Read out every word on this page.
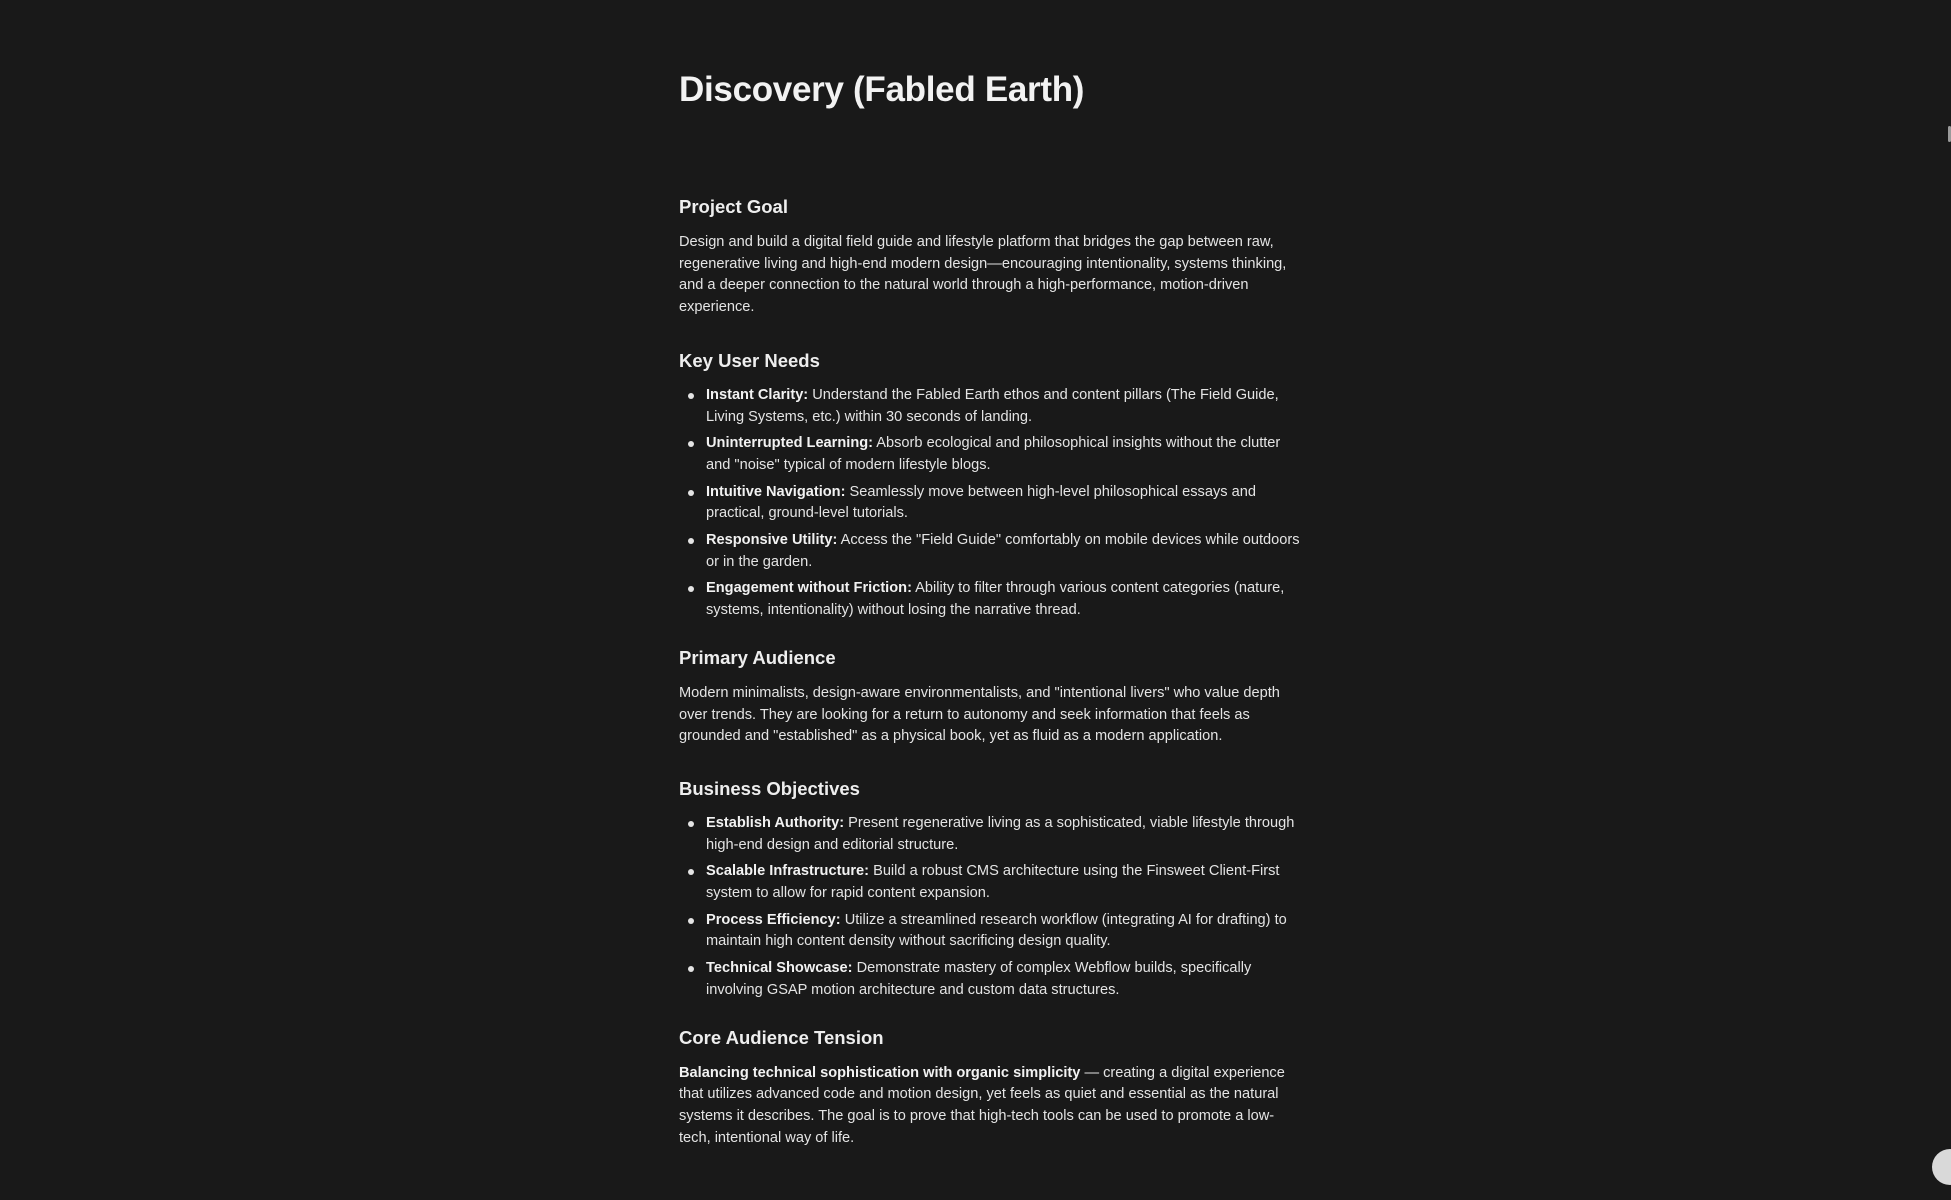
Discovery (Fabled Earth)
Project Goal

Design and build a digital field guide and lifestyle platform that bridges the gap between raw, regenerative living and high-end modern design—encouraging intentionality, systems thinking, and a deeper connection to the natural world through a high-performance, motion-driven experience.

Key User Needs
Instant Clarity: Understand the Fabled Earth ethos and content pillars (The Field Guide, Living Systems, etc.) within 30 seconds of landing.
Uninterrupted Learning: Absorb ecological and philosophical insights without the clutter and "noise" typical of modern lifestyle blogs.
Intuitive Navigation: Seamlessly move between high-level philosophical essays and practical, ground-level tutorials.
Responsive Utility: Access the "Field Guide" comfortably on mobile devices while outdoors or in the garden.
Engagement without Friction: Ability to filter through various content categories (nature, systems, intentionality) without losing the narrative thread.
Primary Audience

Modern minimalists, design-aware environmentalists, and "intentional livers" who value depth over trends. They are looking for a return to autonomy and seek information that feels as grounded and "established" as a physical book, yet as fluid as a modern application.

Business Objectives
Establish Authority: Present regenerative living as a sophisticated, viable lifestyle through high-end design and editorial structure.
Scalable Infrastructure: Build a robust CMS architecture using the Finsweet Client-First system to allow for rapid content expansion.
Process Efficiency: Utilize a streamlined research workflow (integrating AI for drafting) to maintain high content density without sacrificing design quality.
Technical Showcase: Demonstrate mastery of complex Webflow builds, specifically involving GSAP motion architecture and custom data structures.
Core Audience Tension

Balancing technical sophistication with organic simplicity — creating a digital experience that utilizes advanced code and motion design, yet feels as quiet and essential as the natural systems it describes. The goal is to prove that high-tech tools can be used to promote a low-tech, intentional way of life.
